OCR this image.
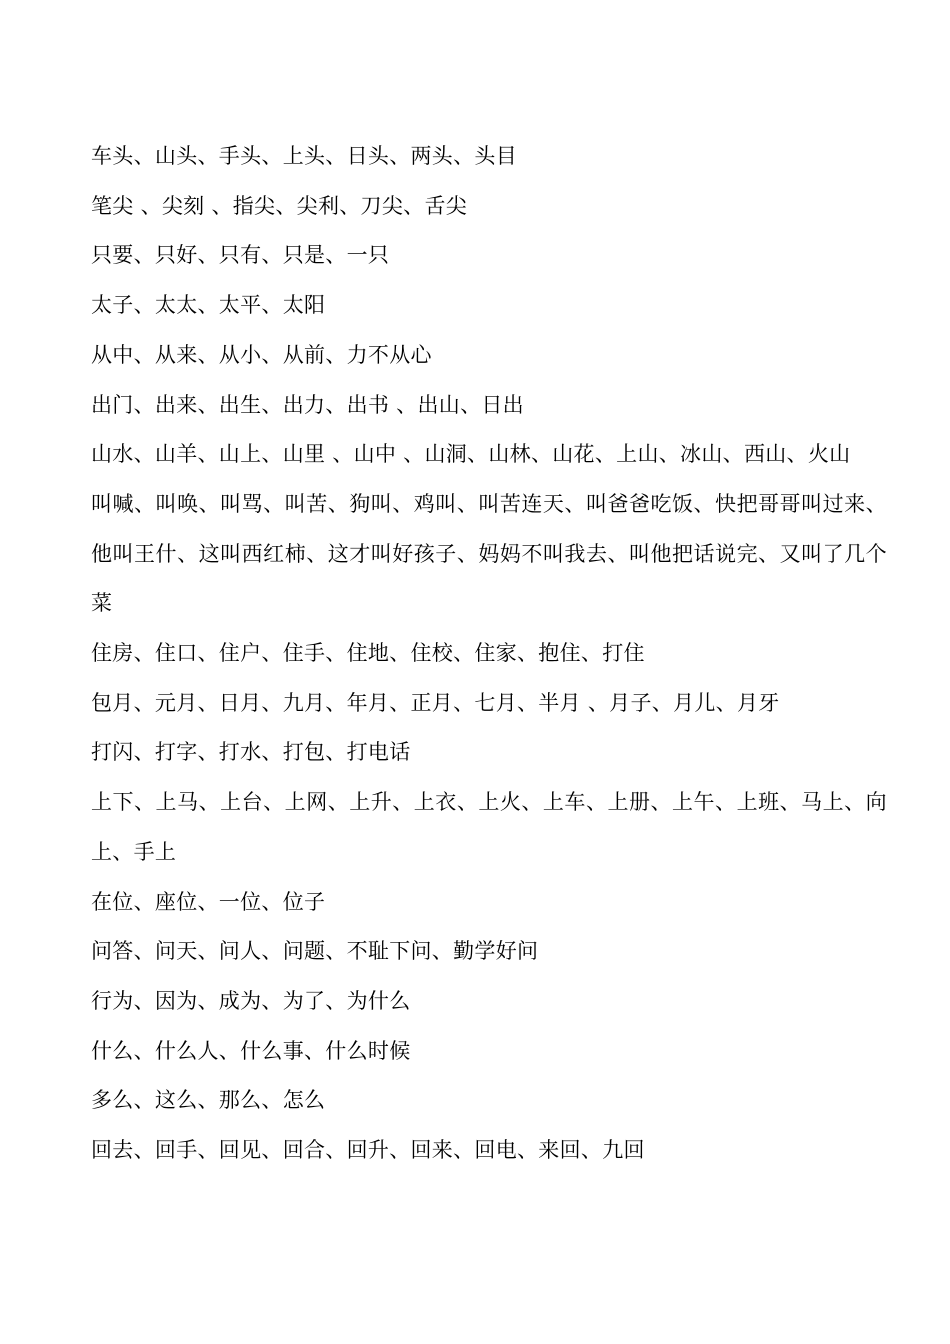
车头、山头、手头、上头、日头、两头、头目

笔尖 、尖刻 、指尖、尖利、刀尖、舌尖

只要、只好、只有、只是、一只

太子、太太、太平、太阳

从中、从来、从小、从前、力不从心

出门、出来、出生、出力、出书 、出山、日出

山水、山羊、山上、山里 、山中 、山洞、山林、山花、上山、冰山、西山、火山

叫喊、叫唤、叫骂、叫苦、狗叫、鸡叫、叫苦连天、叫爸爸吃饭、快把哥哥叫过来、他叫王什、这叫西红柿、这才叫好孩子、妈妈不叫我去、叫他把话说完、又叫了几个菜

住房、住口、住户、住手、住地、住校、住家、抱住、打住

包月、元月、日月、九月、年月、正月、七月、半月 、月子、月儿、月牙

打闪、打字、打水、打包、打电话

上下、上马、上台、上网、上升、上衣、上火、上车、上册、上午、上班、马上、向上、手上

在位、座位、一位、位子

问答、问天、问人、问题、不耻下问、勤学好问

行为、因为、成为、为了、为什么

什么、什么人、什么事、什么时候

多么、这么、那么、怎么

回去、回手、回见、回合、回升、回来、回电、来回、九回
